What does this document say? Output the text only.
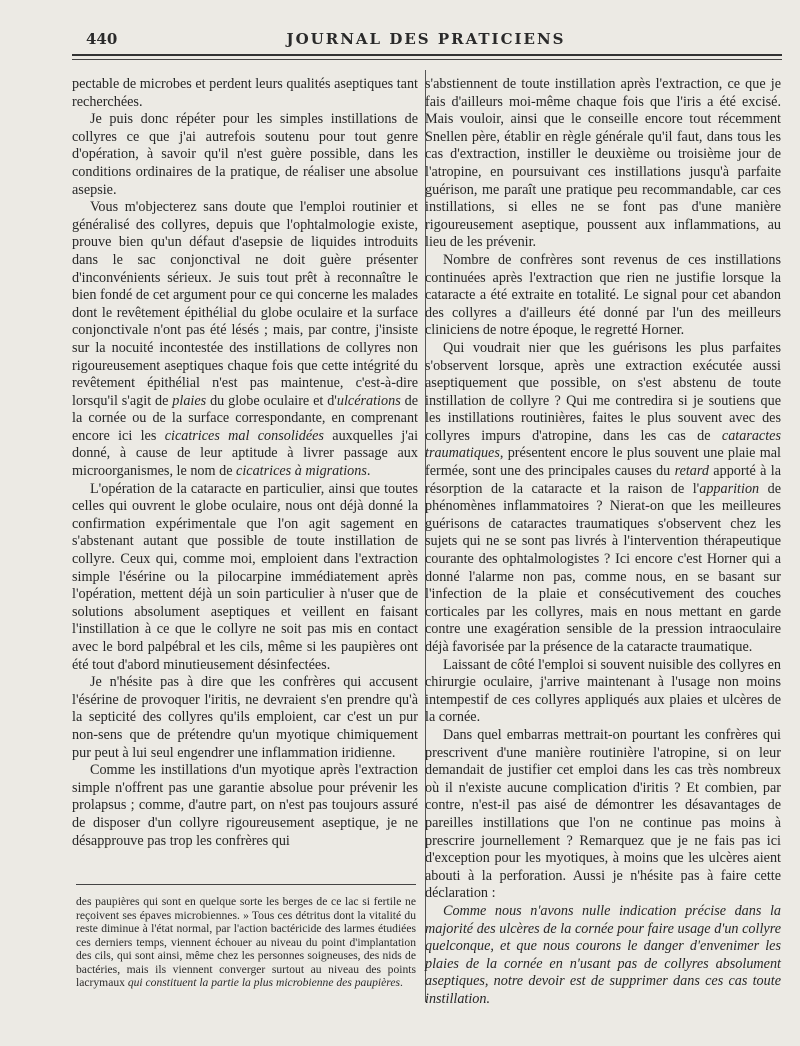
440	JOURNAL DES PRATICIENS

pectable de microbes et perdent leurs qualités aseptiques tant recherchées.

Je puis donc répéter pour les simples instillations de collyres ce que j'ai autrefois soutenu pour tout genre d'opération, à savoir qu'il n'est guère possible, dans les conditions ordinaires de la pratique, de réaliser une absolue asepsie.

Vous m'objecterez sans doute que l'emploi routinier et généralisé des collyres, depuis que l'ophtalmologie existe, prouve bien qu'un défaut d'asepsie de liquides introduits dans le sac conjonctival ne doit guère présenter d'inconvénients sérieux. Je suis tout prêt à reconnaître le bien fondé de cet argument pour ce qui concerne les malades dont le revêtement épithélial du globe oculaire et la surface conjonctivale n'ont pas été lésés ; mais, par contre, j'insiste sur la nocuité incontestée des instillations de collyres non rigoureusement aseptiques chaque fois que cette intégrité du revêtement épithélial n'est pas maintenue, c'est-à-dire lorsqu'il s'agit de plaies du globe oculaire et d'ulcérations de la cornée ou de la surface correspondante, en comprenant encore ici les cicatrices mal consolidées auxquelles j'ai donné, à cause de leur aptitude à livrer passage aux microorganismes, le nom de cicatrices à migrations.

L'opération de la cataracte en particulier, ainsi que toutes celles qui ouvrent le globe oculaire, nous ont déjà donné la confirmation expérimentale que l'on agit sagement en s'abstenant autant que possible de toute instillation de collyre. Ceux qui, comme moi, emploient dans l'extraction simple l'ésérine ou la pilocarpine immédiatement après l'opération, mettent déjà un soin particulier à n'user que de solutions absolument aseptiques et veillent en faisant l'instillation à ce que le collyre ne soit pas mis en contact avec le bord palpébral et les cils, même si les paupières ont été tout d'abord minutieusement désinfectées.

Je n'hésite pas à dire que les confrères qui accusent l'ésérine de provoquer l'iritis, ne devraient s'en prendre qu'à la septicité des collyres qu'ils emploient, car c'est un pur non-sens que de prétendre qu'un myotique chimiquement pur peut à lui seul engendrer une inflammation iridienne.

Comme les instillations d'un myotique après l'extraction simple n'offrent pas une garantie absolue pour prévenir les prolapsus ; comme, d'autre part, on n'est pas toujours assuré de disposer d'un collyre rigoureusement aseptique, je ne désapprouve pas trop les confrères qui

des paupières qui sont en quelque sorte les berges de ce lac si fertile ne reçoivent ses épaves microbiennes. » Tous ces détritus dont la vitalité du reste diminue à l'état normal, par l'action bactéricide des larmes étudiées ces derniers temps, viennent échouer au niveau du point d'implantation des cils, qui sont ainsi, même chez les personnes soigneuses, des nids de bactéries, mais ils viennent converger surtout au niveau des points lacrymaux qui constituent la partie la plus microbienne des paupières.

s'abstiennent de toute instillation après l'extraction, ce que je fais d'ailleurs moi-même chaque fois que l'iris a été excisé. Mais vouloir, ainsi que le conseille encore tout récemment Snellen père, établir en règle générale qu'il faut, dans tous les cas d'extraction, instiller le deuxième ou troisième jour de l'atropine, en poursuivant ces instillations jusqu'à parfaite guérison, me paraît une pratique peu recommandable, car ces instillations, si elles ne se font pas d'une manière rigoureusement aseptique, poussent aux inflammations, au lieu de les prévenir.

Nombre de confrères sont revenus de ces instillations continuées après l'extraction que rien ne justifie lorsque la cataracte a été extraite en totalité. Le signal pour cet abandon des collyres a d'ailleurs été donné par l'un des meilleurs cliniciens de notre époque, le regretté Horner.

Qui voudrait nier que les guérisons les plus parfaites s'observent lorsque, après une extraction exécutée aussi aseptiquement que possible, on s'est abstenu de toute instillation de collyre ? Qui me contredira si je soutiens que les instillations routinières, faites le plus souvent avec des collyres impurs d'atropine, dans les cas de cataractes traumatiques, présentent encore le plus souvent une plaie mal fermée, sont une des principales causes du retard apporté à la résorption de la cataracte et la raison de l'apparition de phénomènes inflammatoires ? Nierat-on que les meilleures guérisons de cataractes traumatiques s'observent chez les sujets qui ne se sont pas livrés à l'intervention thérapeutique courante des ophtalmologistes ? Ici encore c'est Horner qui a donné l'alarme non pas, comme nous, en se basant sur l'infection de la plaie et consécutivement des couches corticales par les collyres, mais en nous mettant en garde contre une exagération sensible de la pression intraoculaire déjà favorisée par la présence de la cataracte traumatique.

Laissant de côté l'emploi si souvent nuisible des collyres en chirurgie oculaire, j'arrive maintenant à l'usage non moins intempestif de ces collyres appliqués aux plaies et ulcères de la cornée.

Dans quel embarras mettrait-on pourtant les confrères qui prescrivent d'une manière routinière l'atropine, si on leur demandait de justifier cet emploi dans les cas très nombreux où il n'existe aucune complication d'iritis ? Et combien, par contre, n'est-il pas aisé de démontrer les désavantages de pareilles instillations que l'on ne continue pas moins à prescrire journellement ? Remarquez que je ne fais pas ici d'exception pour les myotiques, à moins que les ulcères aient abouti à la perforation. Aussi je n'hésite pas à faire cette déclaration :

Comme nous n'avons nulle indication précise dans la majorité des ulcères de la cornée pour faire usage d'un collyre quelconque, et que nous courons le danger d'envenimer les plaies de la cornée en n'usant pas de collyres absolument aseptiques, notre devoir est de supprimer dans ces cas toute instillation.
